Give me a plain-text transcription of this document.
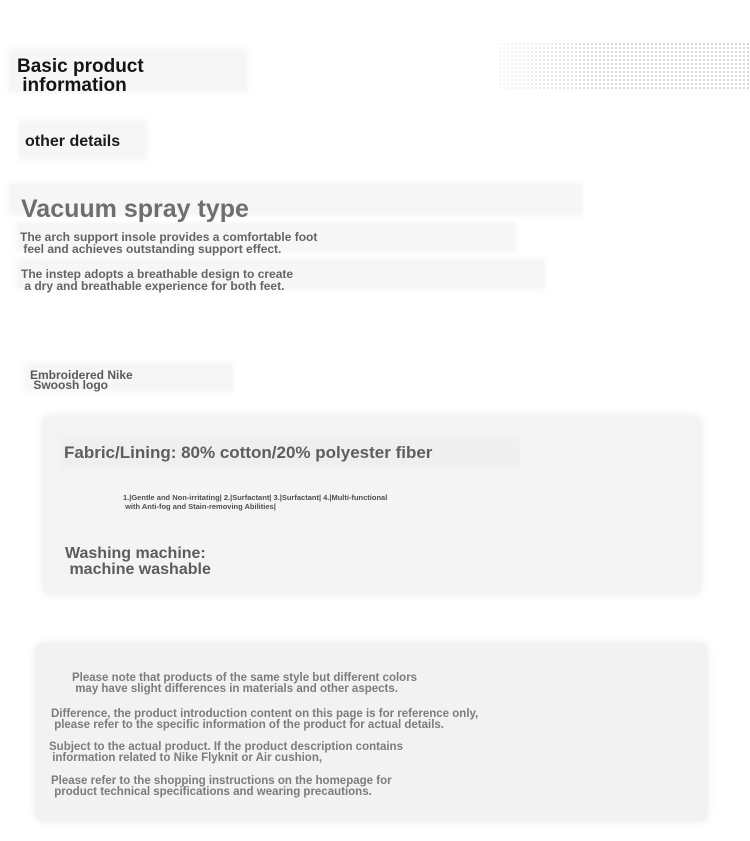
Basic product
information
other details
Vacuum spray type
The arch support insole provides a comfortable foot
feel and achieves outstanding support effect.
The instep adopts a breathable design to create
a dry and breathable experience for both feet.
Embroidered Nike
Swoosh logo
Fabric/Lining: 80% cotton/20% polyester fiber
1.|Gentle and Non-irritating| 2.|Surfactant| 3.|Surfactant| 4.|Multi-functional
with Anti-fog and Stain-removing Abilities|
Washing machine:
machine washable
Please note that products of the same style but different colors
may have slight differences in materials and other aspects.
Difference, the product introduction content on this page is for reference only,
please refer to the specific information of the product for actual details.
Subject to the actual product. If the product description contains
information related to Nike Flyknit or Air cushion,
Please refer to the shopping instructions on the homepage for
product technical specifications and wearing precautions.
